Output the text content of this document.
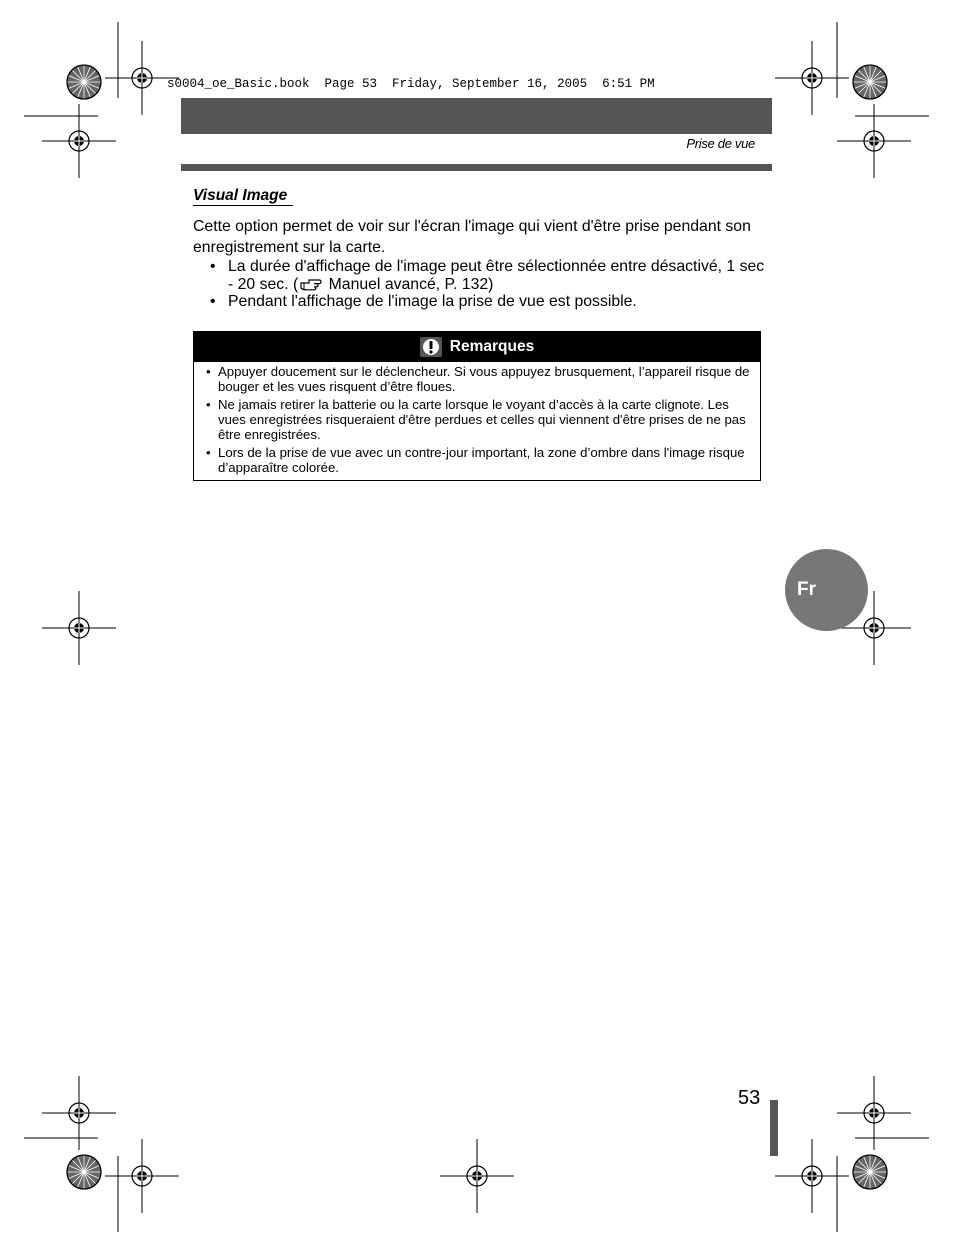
s0004_oe_Basic.book  Page 53  Friday, September 16, 2005  6:51 PM
Prise de vue
Visual Image
Cette option permet de voir sur l'écran l'image qui vient d'être prise pendant son enregistrement sur la carte.

• La durée d'affichage de l'image peut être sélectionnée entre désactivé, 1 sec - 20 sec. ( Manuel avancé, P. 132)

• Pendant l'affichage de l'image la prise de vue est possible.

Remarques
• Appuyer doucement sur le déclencheur. Si vous appuyez brusquement, l’appareil risque de bouger et les vues risquent d’être floues.
• Ne jamais retirer la batterie ou la carte lorsque le voyant d’accès à la carte clignote. Les vues enregistrées risqueraient d'être perdues et celles qui viennent d'être prises de ne pas être enregistrées.
• Lors de la prise de vue avec un contre-jour important, la zone d’ombre dans l'image risque d’apparaître colorée.
Fr
53
